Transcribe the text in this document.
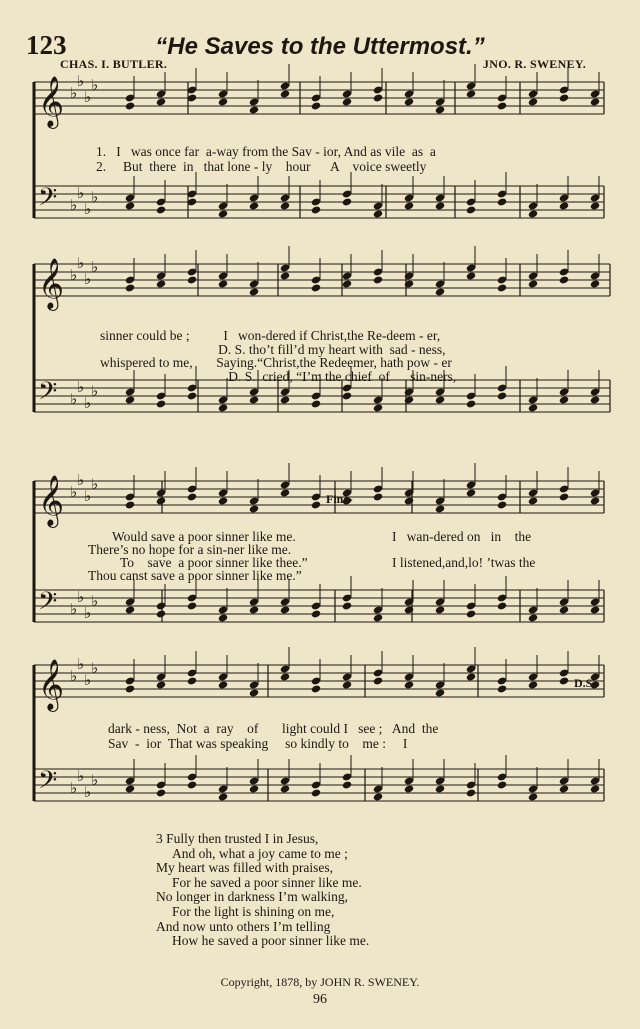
123	“He Saves to the Uttermost.”
CHAS. I. BUTLER.	JNO. R. SWENEY.
𝄞 ♭
♭
♭
♭
𝄢 ♭
♭
♭
♭
𝄞 ♭
♭
♭
♭
𝄢 ♭
♭
♭
♭
𝄞 ♭
♭
♭
♭
𝄢 ♭
♭
♭
♭
𝄞 ♭
♭
♭
♭
𝄢 ♭
♭
♭
♭
1.   I   was once far  a-way from the Sav - ior, And as vile  as  a
2.     But  there  in   that lone - ly    hour      A    voice sweetly
sinner could be ;          I   won-dered if Christ,the Re-deem - er,
D. S. tho’t fill’d my heart with  sad - ness,
whispered to me,       Saying.“Christ,the Redeemer, hath pow - er
D. S.  cried, “I’m the chief  of      sin-ners,
Fine-
Would save a poor sinner like me.
There’s no hope for a sin-ner like me.
To    save  a poor sinner like thee.”
Thou canst save a poor sinner like me.”
I   wan-dered on   in    the
I listened,and,lo! ’twas the
D.S.
dark - ness,  Not  a  ray    of       light could I   see ;   And  the
Sav  -  ior  That was speaking     so kindly to    me :     I
3 Fully then trusted I in Jesus,
And oh, what a joy came to me ;
My heart was filled with praises,
For he saved a poor sinner like me.
No longer in darkness I’m walking,
For the light is shining on me,
And now unto others I’m telling
How he saved a poor sinner like me.
Copyright, 1878, by JOHN R. SWENEY.
96
